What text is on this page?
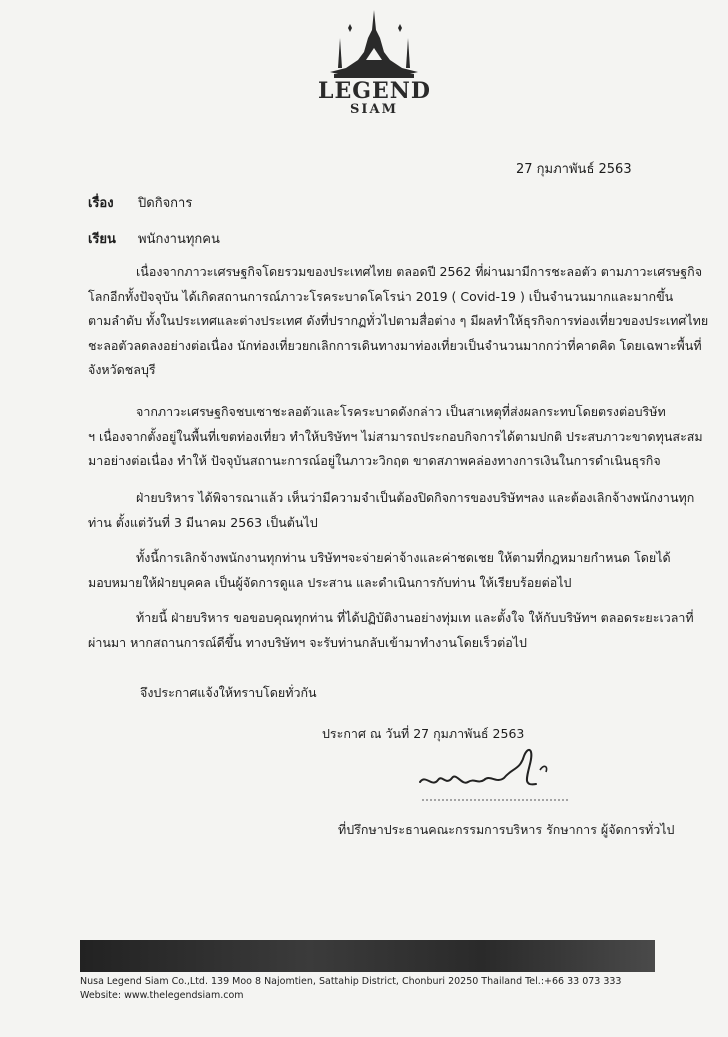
LEGEND
SIAM
27 กุมภาพันธ์ 2563
เรื่อง ปิดกิจการ
เรียน พนักงานทุกคน
เนื่องจากภาวะเศรษฐกิจโดยรวมของประเทศไทย ตลอดปี 2562 ที่ผ่านมามีการชะลอตัว ตามภาวะเศรษฐกิจ
โลกอีกทั้งปัจจุบัน ได้เกิดสถานการณ์ภาวะโรคระบาดโคโรน่า 2019 ( Covid-19 ) เป็นจำนวนมากและมากขึ้น
ตามลำดับ ทั้งในประเทศและต่างประเทศ ดังที่ปรากฏทั่วไปตามสื่อต่าง ๆ มีผลทำให้ธุรกิจการท่องเที่ยวของประเทศไทย
ชะลอตัวลดลงอย่างต่อเนื่อง นักท่องเที่ยวยกเลิกการเดินทางมาท่องเที่ยวเป็นจำนวนมากกว่าที่คาดคิด โดยเฉพาะพื้นที่
จังหวัดชลบุรี
จากภาวะเศรษฐกิจชบเซาชะลอตัวและโรคระบาดดังกล่าว เป็นสาเหตุที่ส่งผลกระทบโดยตรงต่อบริษัท
ฯ เนื่องจากตั้งอยู่ในพื้นที่เขตท่องเที่ยว ทำให้บริษัทฯ ไม่สามารถประกอบกิจการได้ตามปกติ ประสบภาวะขาดทุนสะสม
มาอย่างต่อเนื่อง ทำให้ ปัจจุบันสถานะการณ์อยู่ในภาวะวิกฤต ขาดสภาพคล่องทางการเงินในการดำเนินธุรกิจ
ฝ่ายบริหาร ได้พิจารณาแล้ว เห็นว่ามีความจำเป็นต้องปิดกิจการของบริษัทฯลง และต้องเลิกจ้างพนักงานทุก
ท่าน ตั้งแต่วันที่ 3 มีนาคม 2563 เป็นต้นไป
ทั้งนี้การเลิกจ้างพนักงานทุกท่าน บริษัทฯจะจ่ายค่าจ้างและค่าชดเชย ให้ตามที่กฎหมายกำหนด โดยได้
มอบหมายให้ฝ่ายบุคคล เป็นผู้จัดการดูแล ประสาน และดำเนินการกับท่าน ให้เรียบร้อยต่อไป
ท้ายนี้ ฝ่ายบริหาร ขอขอบคุณทุกท่าน ที่ได้ปฏิบัติงานอย่างทุ่มเท และตั้งใจ ให้กับบริษัทฯ ตลอดระยะเวลาที่
ผ่านมา หากสถานการณ์ดีขึ้น ทางบริษัทฯ จะรับท่านกลับเข้ามาทำงานโดยเร็วต่อไป
จึงประกาศแจ้งให้ทราบโดยทั่วกัน
ประกาศ ณ วันที่ 27 กุมภาพันธ์ 2563
ที่ปรึกษาประธานคณะกรรมการบริหาร รักษาการ ผู้จัดการทั่วไป
Nusa Legend Siam Co.,Ltd. 139 Moo 8 Najomtien, Sattahip District, Chonburi 20250 Thailand Tel.:+66 33 073 333
Website: www.thelegendsiam.com
